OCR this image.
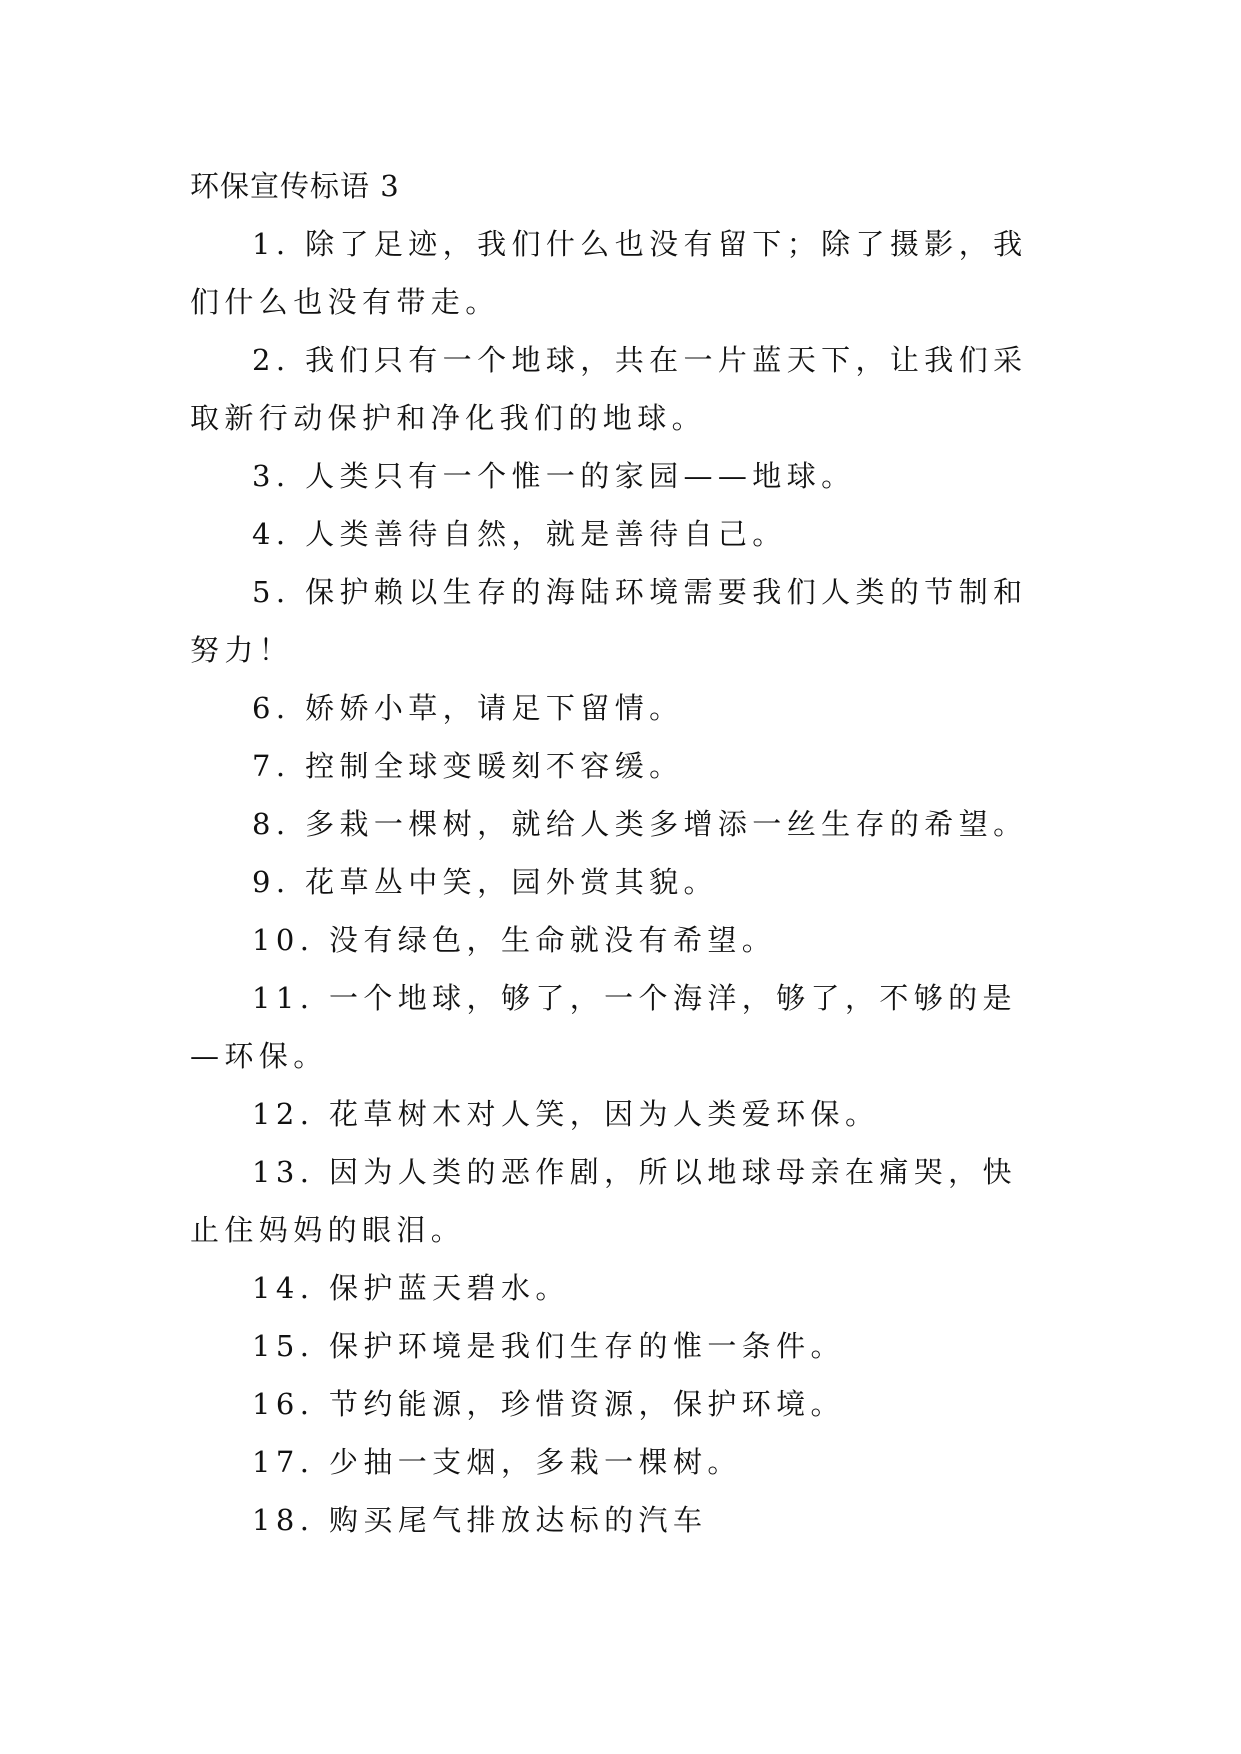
环保宣传标语 3

1. 除了足迹，我们什么也没有留下；除了摄影，我们什么也没有带走。

2. 我们只有一个地球，共在一片蓝天下，让我们采取新行动保护和净化我们的地球。

3. 人类只有一个惟一的家园——地球。

4. 人类善待自然，就是善待自己。

5. 保护赖以生存的海陆环境需要我们人类的节制和努力！

6. 娇娇小草，请足下留情。

7. 控制全球变暖刻不容缓。

8. 多栽一棵树，就给人类多增添一丝生存的希望。

9. 花草丛中笑，园外赏其貌。

10. 没有绿色，生命就没有希望。

11. 一个地球，够了，一个海洋，够了，不够的是—环保。

12. 花草树木对人笑，因为人类爱环保。

13. 因为人类的恶作剧，所以地球母亲在痛哭，快止住妈妈的眼泪。

14. 保护蓝天碧水。

15. 保护环境是我们生存的惟一条件。

16. 节约能源，珍惜资源，保护环境。

17. 少抽一支烟，多栽一棵树。

18. 购买尾气排放达标的汽车
